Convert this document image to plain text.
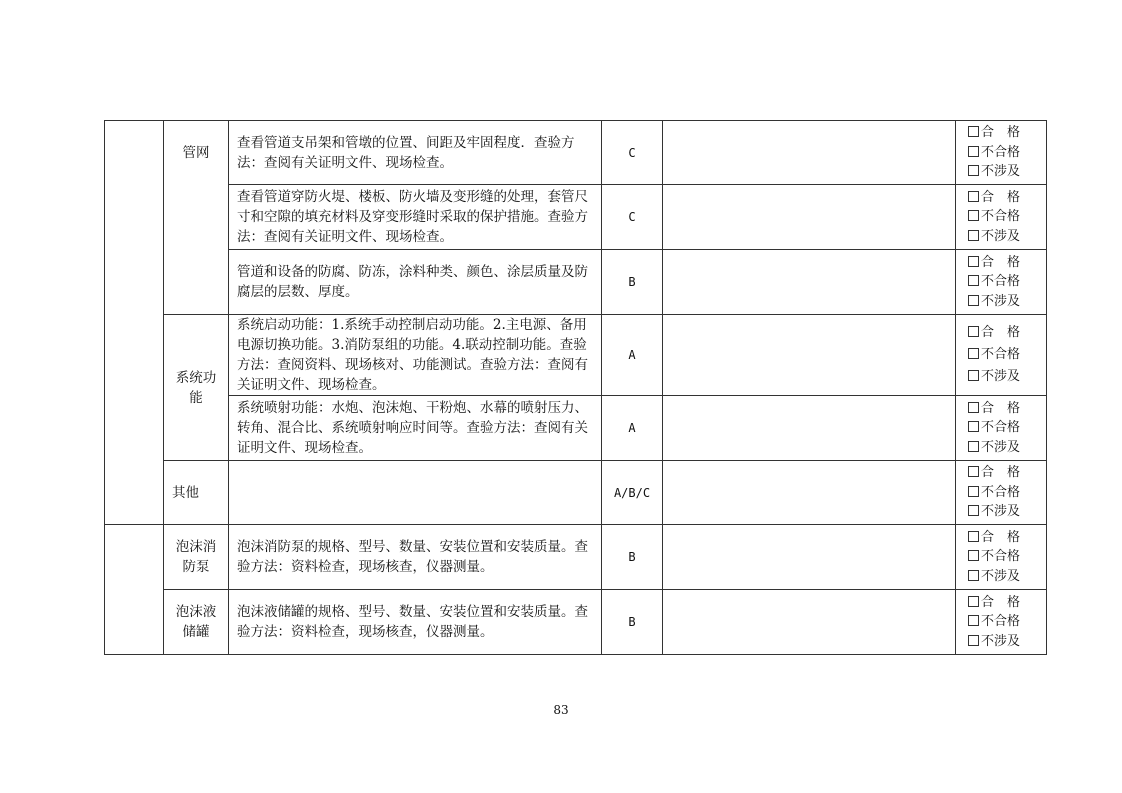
	管网	查看管道支吊架和管墩的位置、间距及牢固程度．查验方法：查阅有关证明文件、现场检查。	C		合　格
不合格
不涉及

		查看管道穿防火堤、楼板、防火墙及变形缝的处理，套管尺寸和空隙的填充材料及穿变形缝时采取的保护措施。查验方法：查阅有关证明文件、现场检查。	C		合　格
不合格
不涉及

		管道和设备的防腐、防冻，涂料种类、颜色、涂层质量及防腐层的层数、厚度。	B		合　格
不合格
不涉及

	系统功能	系统启动功能：1.系统手动控制启动功能。2.主电源、备用电源切换功能。3.消防泵组的功能。4.联动控制功能。查验方法：查阅资料、现场核对、功能测试。查验方法：查阅有关证明文件、现场检查。	A		合　格
不合格
不涉及

		系统喷射功能：水炮、泡沫炮、干粉炮、水幕的喷射压力、转角、混合比、系统喷射响应时间等。查验方法：查阅有关证明文件、现场检查。	A		合　格
不合格
不涉及

	其他		A/B/C		合　格
不合格
不涉及

	泡沫消防泵	泡沫消防泵的规格、型号、数量、安装位置和安装质量。查验方法：资料检查，现场核查，仪器测量。	B		合　格
不合格
不涉及

	泡沫液储罐	泡沫液储罐的规格、型号、数量、安装位置和安装质量。查验方法：资料检查，现场核查，仪器测量。	B		合　格
不合格
不涉及
83
